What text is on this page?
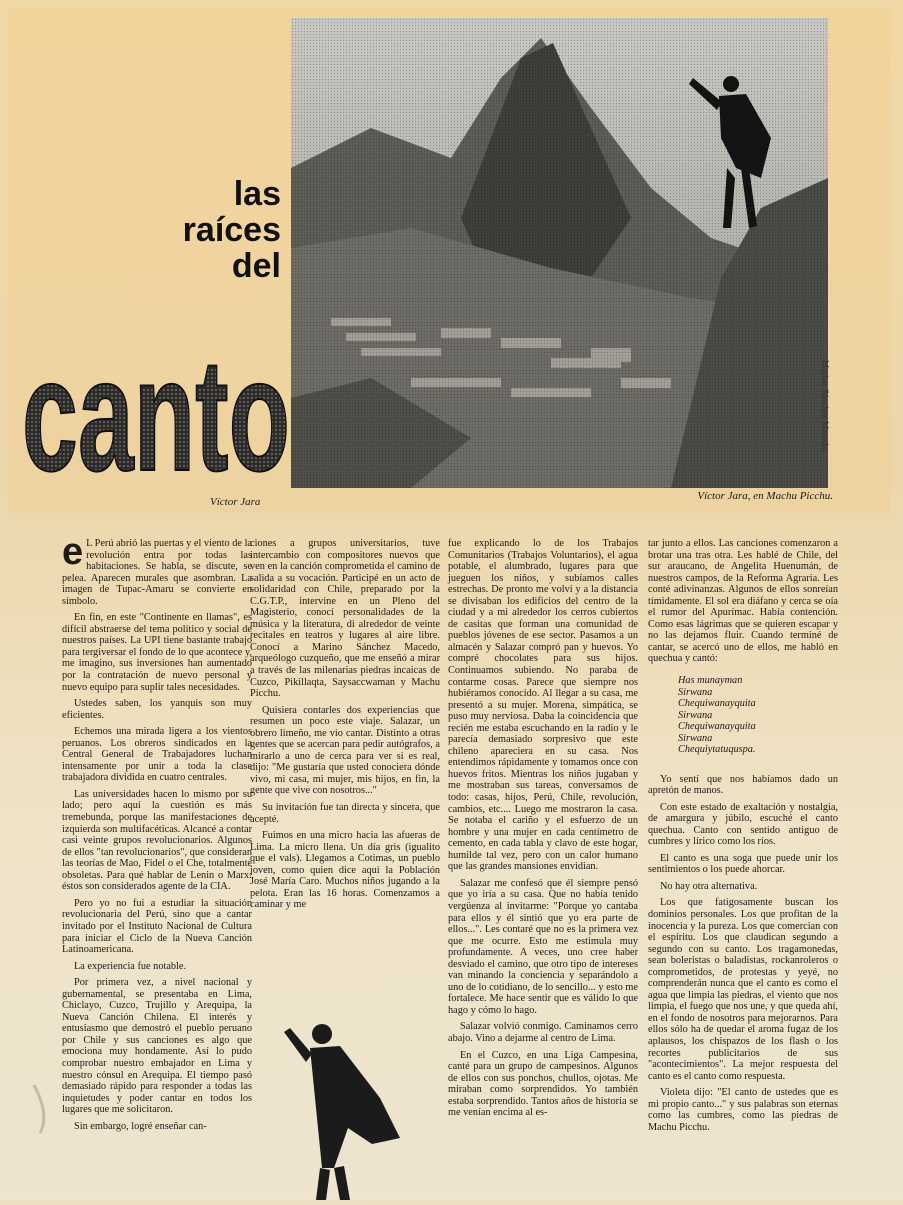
las
raíces
del
canto	Marino Sánchez Macedo
Víctor Jara, en Machu Picchu.
Víctor Jara

e L Perú abrió las puertas y el viento de la revolución entra por todas las habitaciones. Se habla, se discute, se pelea. Aparecen murales que asombran. La imagen de Tupac-Amaru se convierte en símbolo.

En fin, en este "Continente en llamas", es difícil abstraerse del tema político y social de nuestros países. La UPI tiene bastante trabajo para tergiversar el fondo de lo que acontece y, me imagino, sus inversiones han aumentado por la contratación de nuevo personal y nuevo equipo para suplir tales necesidades.

Ustedes saben, los yanquis son muy eficientes.

Echemos una mirada ligera a los vientos peruanos. Los obreros sindicados en la Central General de Trabajadores luchan intensamente por unir a toda la clase trabajadora dividida en cuatro centrales.

Las universidades hacen lo mismo por su lado; pero aquí la cuestión es más tremebunda, porque las manifestaciones de izquierda son multifacéticas. Alcancé a contar casi veinte grupos revolucionarios. Algunos de ellos "tan revolucionarios", que consideran las teorías de Mao, Fidel o el Che, totalmente obsoletas. Para qué hablar de Lenin o Marx: éstos son considerados agente de la CIA.

Pero yo no fui a estudiar la situación revolucionaria del Perú, sino que a cantar invitado por el Instituto Nacional de Cultura para iniciar el Ciclo de la Nueva Canción Latinoamericana.

La experiencia fue notable.

Por primera vez, a nivel nacional y gubernamental, se presentaba en Lima, Chiclayo, Cuzco, Trujillo y Arequipa, la Nueva Canción Chilena. El interés y entusiasmo que demostró el pueblo peruano por Chile y sus canciones es algo que emociona muy hondamente. Así lo pudo comprobar nuestro embajador en Lima y nuestro cónsul en Arequipa. El tiempo pasó demasiado rápido para responder a todas las inquietudes y poder cantar en todos los lugares que me solicitaron.

Sin embargo, logré enseñar can-

ciones a grupos universitarios, tuve intercambio con compositores nuevos que ven en la canción comprometida el camino de salida a su vocación. Participé en un acto de solidaridad con Chile, preparado por la C.G.T.P., intervine en un Pleno del Magisterio, conocí personalidades de la música y la literatura, di alrededor de veinte recitales en teatros y lugares al aire libre. Conocí a Marino Sánchez Macedo, arqueólogo cuzqueño, que me enseñó a mirar a través de las milenarias piedras incaicas de Cuzco, Pikillaqta, Saysaccwaman y Machu Picchu.

Quisiera contarles dos experiencias que resumen un poco este viaje. Salazar, un obrero limeño, me vio cantar. Distinto a otras gentes que se acercan para pedir autógrafos, a mirarlo a uno de cerca para ver si es real, dijo: "Me gustaría que usted conociera dónde vivo, mi casa, mi mujer, mis hijos, en fin, la gente que vive con nosotros..."

Su invitación fue tan directa y sincera, que acepté.

Fuimos en una micro hacia las afueras de Lima. La micro llena. Un día gris (igualito que el vals). Llegamos a Cotimas, un pueblo joven, como quien dice aquí la Población José María Caro. Muchos niños jugando a la pelota. Eran las 16 horas. Comenzamos a caminar y me

fue explicando lo de los Trabajos Comunitarios (Trabajos Voluntarios), el agua potable, el alumbrado, lugares para que jueguen los niños, y subíamos calles estrechas. De pronto me volví y a la distancia se divisaban los edificios del centro de la ciudad y a mi alrededor los cerros cubiertos de casitas que forman una comunidad de pueblos jóvenes de ese sector. Pasamos a un almacén y Salazar compró pan y huevos. Yo compré chocolates para sus hijos. Continuamos subiendo. No paraba de contarme cosas. Parece que siempre nos hubiéramos conocido. Al llegar a su casa, me presentó a su mujer. Morena, simpática, se puso muy nerviosa. Daba la coincidencia que recién me estaba escuchando en la radio y le parecía demasiado sorpresivo que este chileno apareciera en su casa. Nos entendimos rápidamente y tomamos once con huevos fritos. Mientras los niños jugaban y me mostraban sus tareas, conversamos de todo: casas, hijos, Perú, Chile, revolución, cambios, etc.... Luego me mostraron la casa. Se notaba el cariño y el esfuerzo de un hombre y una mujer en cada centímetro de cemento, en cada tabla y clavo de este hogar, humilde tal vez, pero con un calor humano que las grandes mansiones envidian.

Salazar me confesó que él siempre pensó que yo iría a su casa. Que no había tenido vergüenza al invitarme: "Porque yo cantaba para ellos y él sintió que yo era parte de ellos...". Les contaré que no es la primera vez que me ocurre. Esto me estimula muy profundamente. A veces, uno cree haber desviado el camino, que otro tipo de intereses van minando la conciencia y separándolo a uno de lo cotidiano, de lo sencillo... y esto me fortalece. Me hace sentir que es válido lo que hago y cómo lo hago.

Salazar volvió conmigo. Caminamos cerro abajo. Vino a dejarme al centro de Lima.

En el Cuzco, en una Liga Campesina, canté para un grupo de campesinos. Algunos de ellos con sus ponchos, chullos, ojotas. Me miraban como sorprendidos. Yo también estaba sorprendido. Tantos años de historia se me venían encima al es-

tar junto a ellos. Las canciones comenzaron a brotar una tras otra. Les hablé de Chile, del sur araucano, de Angelita Huenumán, de nuestros campos, de la Reforma Agraria. Les conté adivinanzas. Algunos de ellos sonreían tímidamente. El sol era diáfano y cerca se oía el rumor del Apurímac. Había contención. Como esas lágrimas que se quieren escapar y no las dejamos fluir. Cuando terminé de cantar, se acercó uno de ellos, me habló en quechua y cantó:

Has munayman
Sirwana
Chequiwanayquita
Sirwana
Chequiwanayquita
Sirwana
Chequiytatuquspa.

Yo sentí que nos habíamos dado un apretón de manos.

Con este estado de exaltación y nostalgia, de amargura y júbilo, escuché el canto quechua. Canto con sentido antiguo de cumbres y lírico como los ríos.

El canto es una soga que puede unir los sentimientos o los puede ahorcar.

No hay otra alternativa.

Los que fatigosamente buscan los dominios personales. Los que profitan de la inocencia y la pureza. Los que comercian con el espíritu. Los que claudican segundo a segundo con su canto. Los tragamonedas, sean boleristas o baladistas, rockanroleros o comprometidos, de protestas y yeyé, no comprenderán nunca que el canto es como el agua que limpia las piedras, el viento que nos limpia, el fuego que nos une, y que queda ahí, en el fondo de nosotros para mejorarnos. Para ellos sólo ha de quedar el aroma fugaz de los aplausos, los chispazos de los flash o los recortes publicitarios de sus "acontecimientos". La mejor respuesta del canto es el canto como respuesta.

Violeta dijo: "El canto de ustedes que es mi propio canto..." y sus palabras son eternas como las cumbres, como las piedras de Machu Picchu.
